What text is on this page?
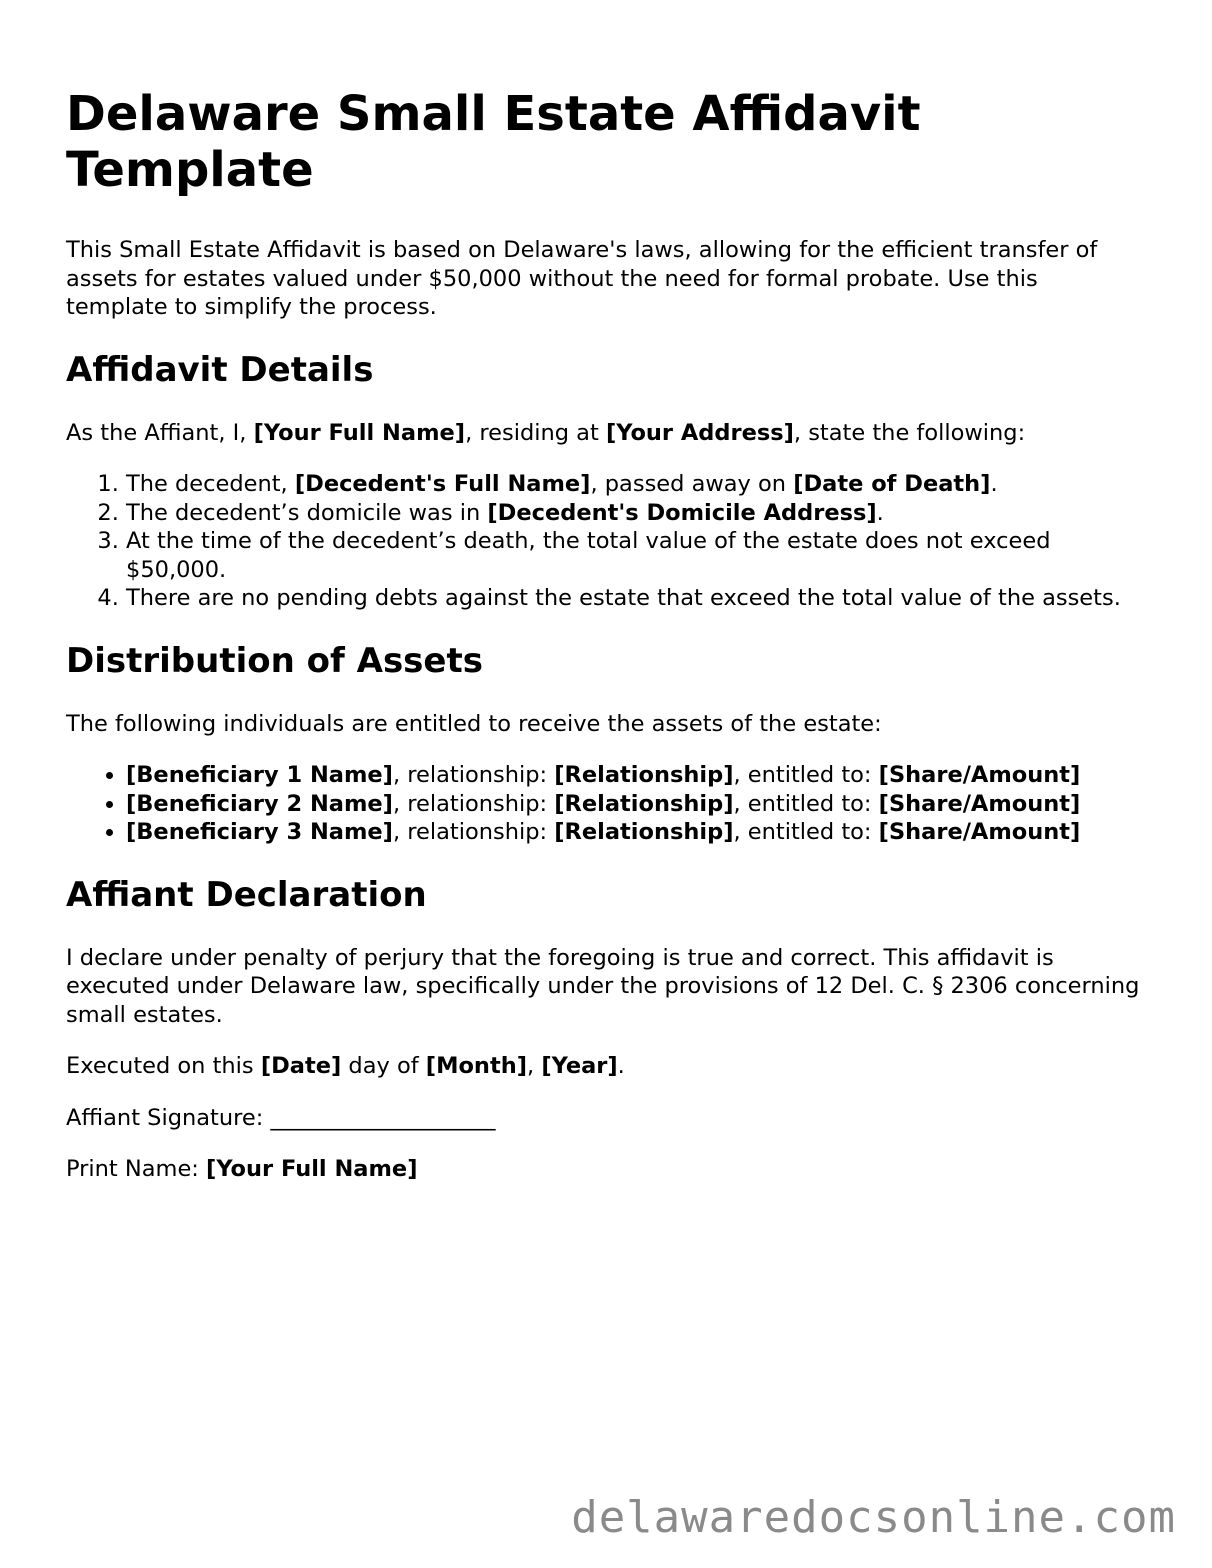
Delaware Small Estate Affidavit Template

This Small Estate Affidavit is based on Delaware's laws, allowing for the efficient transfer of assets for estates valued under $50,000 without the need for formal probate. Use this template to simplify the process.

Affidavit Details

As the Affiant, I, [Your Full Name], residing at [Your Address], state the following:

1. The decedent, [Decedent's Full Name], passed away on [Date of Death].
2. The decedent’s domicile was in [Decedent's Domicile Address].
3. At the time of the decedent’s death, the total value of the estate does not exceed $50,000.
4. There are no pending debts against the estate that exceed the total value of the assets.
Distribution of Assets

The following individuals are entitled to receive the assets of the estate:

• [Beneficiary 1 Name], relationship: [Relationship], entitled to: [Share/Amount]
• [Beneficiary 2 Name], relationship: [Relationship], entitled to: [Share/Amount]
• [Beneficiary 3 Name], relationship: [Relationship], entitled to: [Share/Amount]
Affiant Declaration

I declare under penalty of perjury that the foregoing is true and correct. This affidavit is executed under Delaware law, specifically under the provisions of 12 Del. C. § 2306 concerning small estates.

Executed on this [Date] day of [Month], [Year].

Affiant Signature: ____________________

Print Name: [Your Full Name]

delawaredocsonline.com
